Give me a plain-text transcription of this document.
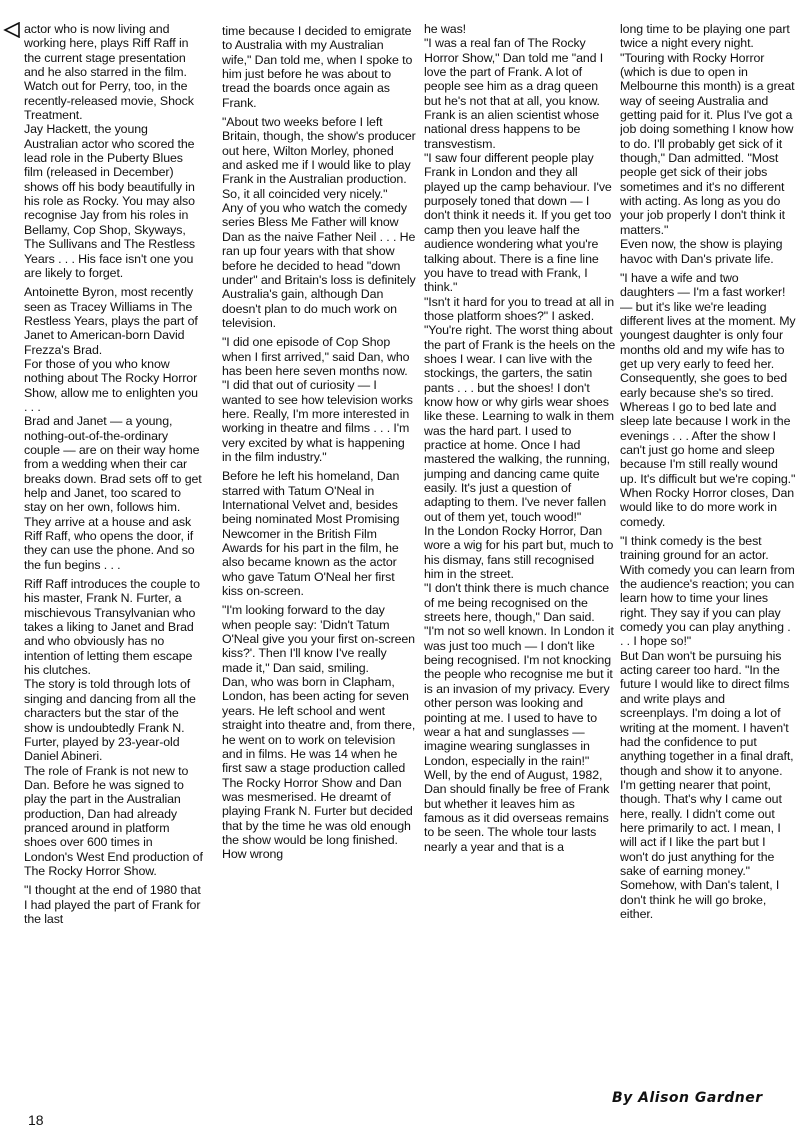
actor who is now living and working here, plays Riff Raff in the current stage presentation and he also starred in the film. Watch out for Perry, too, in the recently-released movie, Shock Treatment.

Jay Hackett, the young Australian actor who scored the lead role in the Puberty Blues film (released in December) shows off his body beautifully in his role as Rocky. You may also recognise Jay from his roles in Bellamy, Cop Shop, Skyways, The Sullivans and The Restless Years . . . His face isn't one you are likely to forget.

Antoinette Byron, most recently seen as Tracey Williams in The Restless Years, plays the part of Janet to American-born David Frezza's Brad.

For those of you who know nothing about The Rocky Horror Show, allow me to enlighten you . . .

Brad and Janet — a young, nothing-out-of-the-ordinary couple — are on their way home from a wedding when their car breaks down. Brad sets off to get help and Janet, too scared to stay on her own, follows him. They arrive at a house and ask Riff Raff, who opens the door, if they can use the phone. And so the fun begins . . .

Riff Raff introduces the couple to his master, Frank N. Furter, a mischievous Transylvanian who takes a liking to Janet and Brad and who obviously has no intention of letting them escape his clutches.

The story is told through lots of singing and dancing from all the characters but the star of the show is undoubtedly Frank N. Furter, played by 23-year-old Daniel Abineri.

The role of Frank is not new to Dan. Before he was signed to play the part in the Australian production, Dan had already pranced around in platform shoes over 600 times in London's West End production of The Rocky Horror Show.

"I thought at the end of 1980 that I had played the part of Frank for the last

time because I decided to emigrate to Australia with my Australian wife," Dan told me, when I spoke to him just before he was about to tread the boards once again as Frank.

"About two weeks before I left Britain, though, the show's producer out here, Wilton Morley, phoned and asked me if I would like to play Frank in the Australian production. So, it all coincided very nicely."

Any of you who watch the comedy series Bless Me Father will know Dan as the naive Father Neil . . . He ran up four years with that show before he decided to head "down under" and Britain's loss is definitely Australia's gain, although Dan doesn't plan to do much work on television.

"I did one episode of Cop Shop when I first arrived," said Dan, who has been here seven months now. "I did that out of curiosity — I wanted to see how television works here. Really, I'm more interested in working in theatre and films . . . I'm very excited by what is happening in the film industry."

Before he left his homeland, Dan starred with Tatum O'Neal in International Velvet and, besides being nominated Most Promising Newcomer in the British Film Awards for his part in the film, he also became known as the actor who gave Tatum O'Neal her first kiss on-screen.

"I'm looking forward to the day when people say: 'Didn't Tatum O'Neal give you your first on-screen kiss?'. Then I'll know I've really made it," Dan said, smiling.

Dan, who was born in Clapham, London, has been acting for seven years. He left school and went straight into theatre and, from there, he went on to work on television and in films. He was 14 when he first saw a stage production called The Rocky Horror Show and Dan was mesmerised. He dreamt of playing Frank N. Furter but decided that by the time he was old enough the show would be long finished. How wrong

he was!

"I was a real fan of The Rocky Horror Show," Dan told me "and I love the part of Frank. A lot of people see him as a drag queen but he's not that at all, you know. Frank is an alien scientist whose national dress happens to be transvestism.

"I saw four different people play Frank in London and they all played up the camp behaviour. I've purposely toned that down — I don't think it needs it. If you get too camp then you leave half the audience wondering what you're talking about. There is a fine line you have to tread with Frank, I think."

"Isn't it hard for you to tread at all in those platform shoes?" I asked.

"You're right. The worst thing about the part of Frank is the heels on the shoes I wear. I can live with the stockings, the garters, the satin pants . . . but the shoes! I don't know how or why girls wear shoes like these. Learning to walk in them was the hard part. I used to practice at home. Once I had mastered the walking, the running, jumping and dancing came quite easily. It's just a question of adapting to them. I've never fallen out of them yet, touch wood!"

In the London Rocky Horror, Dan wore a wig for his part but, much to his dismay, fans still recognised him in the street.

"I don't think there is much chance of me being recognised on the streets here, though," Dan said. "I'm not so well known. In London it was just too much — I don't like being recognised. I'm not knocking the people who recognise me but it is an invasion of my privacy. Every other person was looking and pointing at me. I used to have to wear a hat and sunglasses — imagine wearing sunglasses in London, especially in the rain!"

Well, by the end of August, 1982, Dan should finally be free of Frank but whether it leaves him as famous as it did overseas remains to be seen. The whole tour lasts nearly a year and that is a

long time to be playing one part twice a night every night.

"Touring with Rocky Horror (which is due to open in Melbourne this month) is a great way of seeing Australia and getting paid for it. Plus I've got a job doing something I know how to do. I'll probably get sick of it though," Dan admitted. "Most people get sick of their jobs sometimes and it's no different with acting. As long as you do your job properly I don't think it matters."

Even now, the show is playing havoc with Dan's private life.

"I have a wife and two daughters — I'm a fast worker! — but it's like we're leading different lives at the moment. My youngest daughter is only four months old and my wife has to get up very early to feed her. Consequently, she goes to bed early because she's so tired. Whereas I go to bed late and sleep late because I work in the evenings . . . After the show I can't just go home and sleep because I'm still really wound up. It's difficult but we're coping."

When Rocky Horror closes, Dan would like to do more work in comedy.

"I think comedy is the best training ground for an actor. With comedy you can learn from the audience's reaction; you can learn how to time your lines right. They say if you can play comedy you can play anything . . . I hope so!"

But Dan won't be pursuing his acting career too hard. "In the future I would like to direct films and write plays and screenplays. I'm doing a lot of writing at the moment. I haven't had the confidence to put anything together in a final draft, though and show it to anyone. I'm getting nearer that point, though. That's why I came out here, really. I didn't come out here primarily to act. I mean, I will act if I like the part but I won't do just anything for the sake of earning money." Somehow, with Dan's talent, I don't think he will go broke, either.

By Alison Gardner
18
